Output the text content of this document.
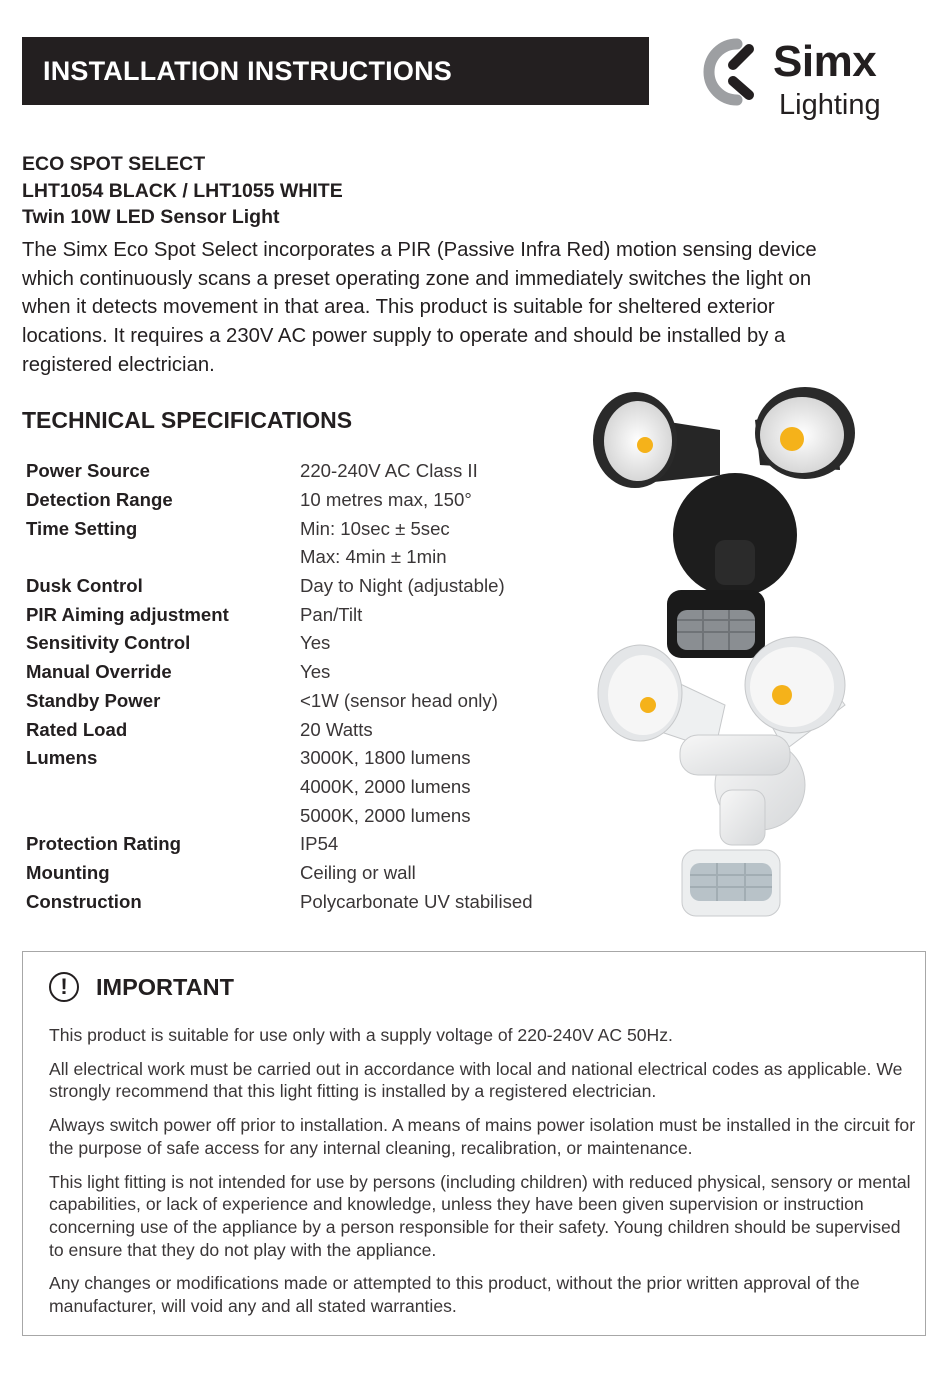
INSTALLATION INSTRUCTIONS	Simx
Lighting
ECO SPOT SELECT
LHT1054 BLACK / LHT1055 WHITE
Twin 10W LED Sensor Light

The Simx Eco Spot Select incorporates a PIR (Passive Infra Red) motion sensing device which continuously scans a preset operating zone and immediately switches the light on when it detects movement in that area. This product is suitable for sheltered exterior locations. It requires a 230V AC power supply to operate and should be installed by a registered electrician.

TECHNICAL SPECIFICATIONS
Power Source	220-240V AC Class II
Detection Range	10 metres max, 150°
Time Setting	Min: 10sec ± 5sec
	Max: 4min ± 1min
Dusk Control	Day to Night (adjustable)
PIR Aiming adjustment	Pan/Tilt
Sensitivity Control	Yes
Manual Override	Yes
Standby Power	<1W (sensor head only)
Rated Load	20 Watts
Lumens	3000K, 1800 lumens
	4000K, 2000 lumens
	5000K, 2000 lumens
Protection Rating	IP54
Mounting	Ceiling or wall
Construction	Polycarbonate UV stabilised
!	IMPORTANT

This product is suitable for use only with a supply voltage of 220-240V AC 50Hz.

All electrical work must be carried out in accordance with local and national electrical codes as applicable. We strongly recommend that this light fitting is installed by a registered electrician.

Always switch power off prior to installation. A means of mains power isolation must be installed in the circuit for the purpose of safe access for any internal cleaning, recalibration, or maintenance.

This light fitting is not intended for use by persons (including children) with reduced physical, sensory or mental capabilities, or lack of experience and knowledge, unless they have been given supervision or instruction concerning use of the appliance by a person responsible for their safety. Young children should be supervised to ensure that they do not play with the appliance.

Any changes or modifications made or attempted to this product, without the prior written approval of the manufacturer, will void any and all stated warranties.
